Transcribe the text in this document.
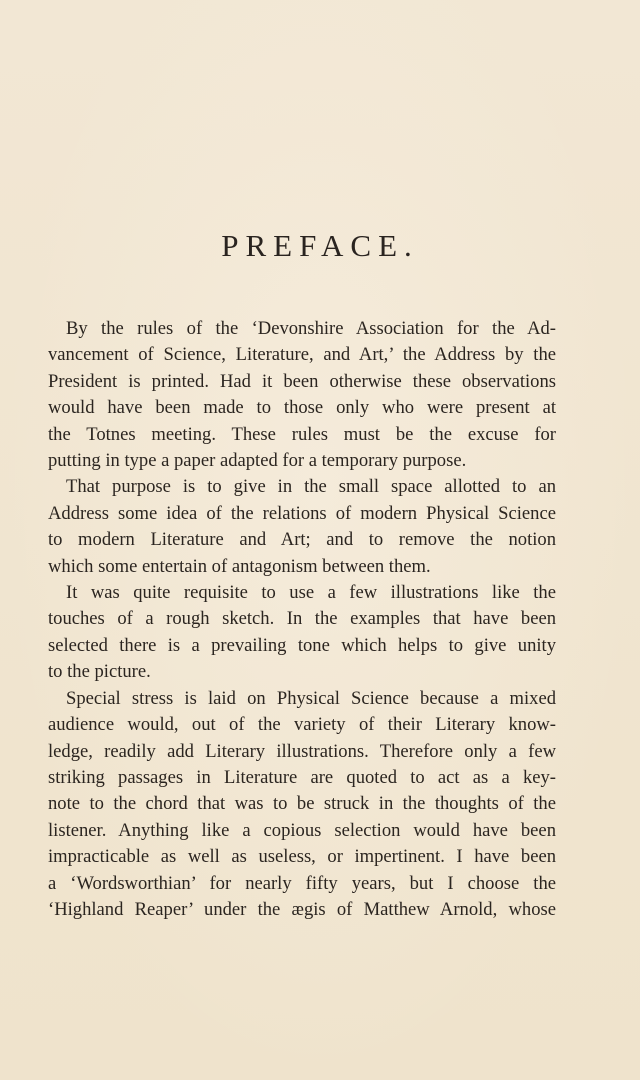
PREFACE.
By the rules of the ‘Devonshire Association for the Ad-
vancement of Science, Literature, and Art,’ the Address by the
President is printed. Had it been otherwise these observations
would have been made to those only who were present at
the Totnes meeting. These rules must be the excuse for
putting in type a paper adapted for a temporary purpose.
That purpose is to give in the small space allotted to an
Address some idea of the relations of modern Physical Science
to modern Literature and Art; and to remove the notion
which some entertain of antagonism between them.
It was quite requisite to use a few illustrations like the
touches of a rough sketch. In the examples that have been
selected there is a prevailing tone which helps to give unity
to the picture.
Special stress is laid on Physical Science because a mixed
audience would, out of the variety of their Literary know-
ledge, readily add Literary illustrations. Therefore only a few
striking passages in Literature are quoted to act as a key-
note to the chord that was to be struck in the thoughts of the
listener. Anything like a copious selection would have been
impracticable as well as useless, or impertinent. I have been
a ‘Wordsworthian’ for nearly fifty years, but I choose the
‘Highland Reaper’ under the ægis of Matthew Arnold, whose
